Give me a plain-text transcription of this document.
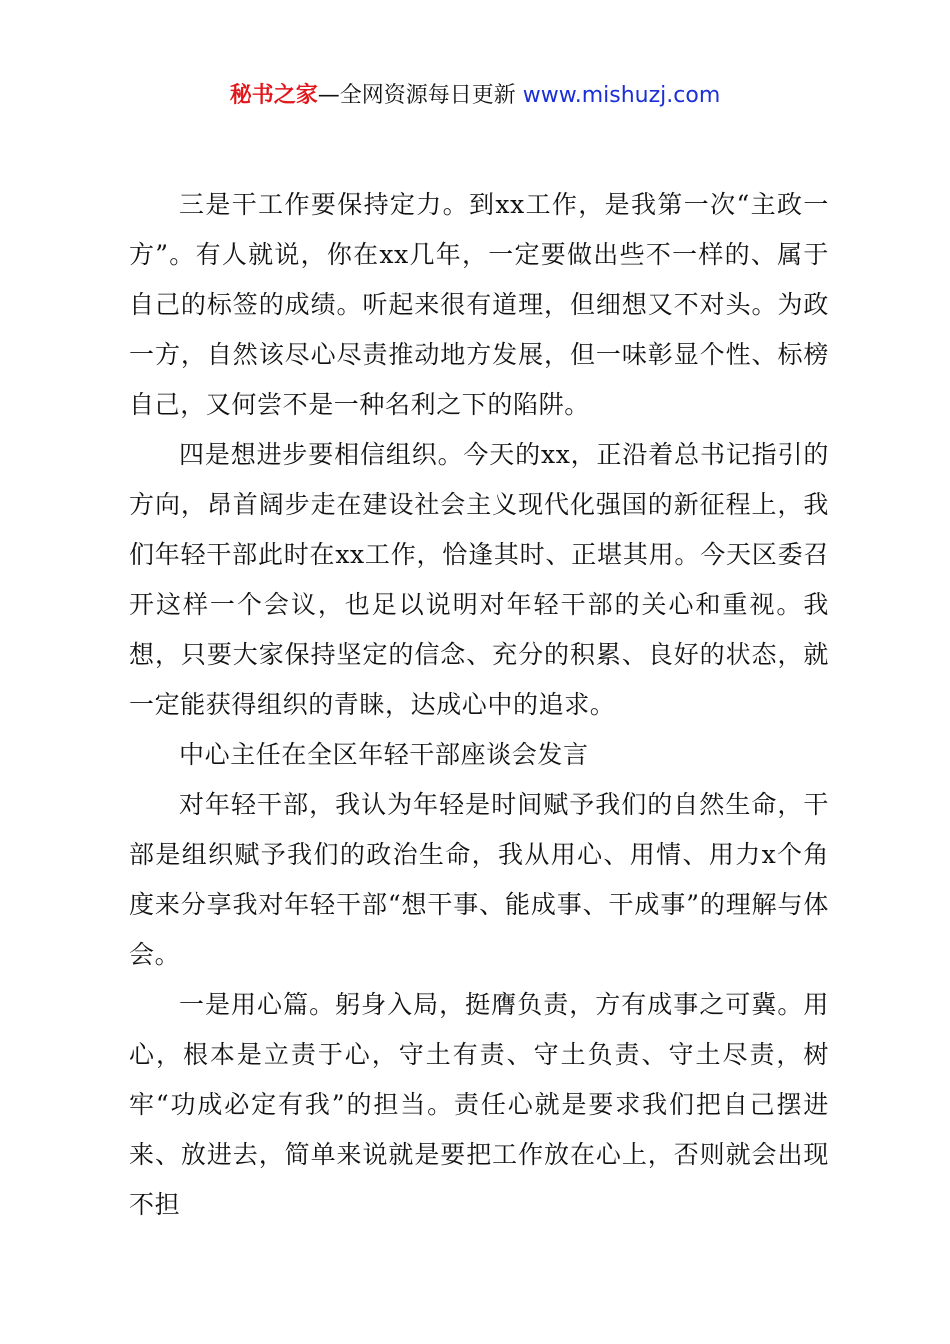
秘书之家—全网资源每日更新 www.mishuzj.com

三是干工作要保持定力。到xx工作，是我第一次“主政一方”。有人就说，你在xx几年，一定要做出些不一样的、属于自己的标签的成绩。听起来很有道理，但细想又不对头。为政一方，自然该尽心尽责推动地方发展，但一味彰显个性、标榜自己，又何尝不是一种名利之下的陷阱。

四是想进步要相信组织。今天的xx，正沿着总书记指引的方向，昂首阔步走在建设社会主义现代化强国的新征程上，我们年轻干部此时在xx工作，恰逢其时、正堪其用。今天区委召开这样一个会议，也足以说明对年轻干部的关心和重视。我想，只要大家保持坚定的信念、充分的积累、良好的状态，就一定能获得组织的青睐，达成心中的追求。

中心主任在全区年轻干部座谈会发言

对年轻干部，我认为年轻是时间赋予我们的自然生命，干部是组织赋予我们的政治生命，我从用心、用情、用力x个角度来分享我对年轻干部“想干事、能成事、干成事”的理解与体会。

一是用心篇。躬身入局，挺膺负责，方有成事之可冀。用心，根本是立责于心，守土有责、守土负责、守土尽责，树牢“功成必定有我”的担当。责任心就是要求我们把自己摆进来、放进去，简单来说就是要把工作放在心上，否则就会出现不担
